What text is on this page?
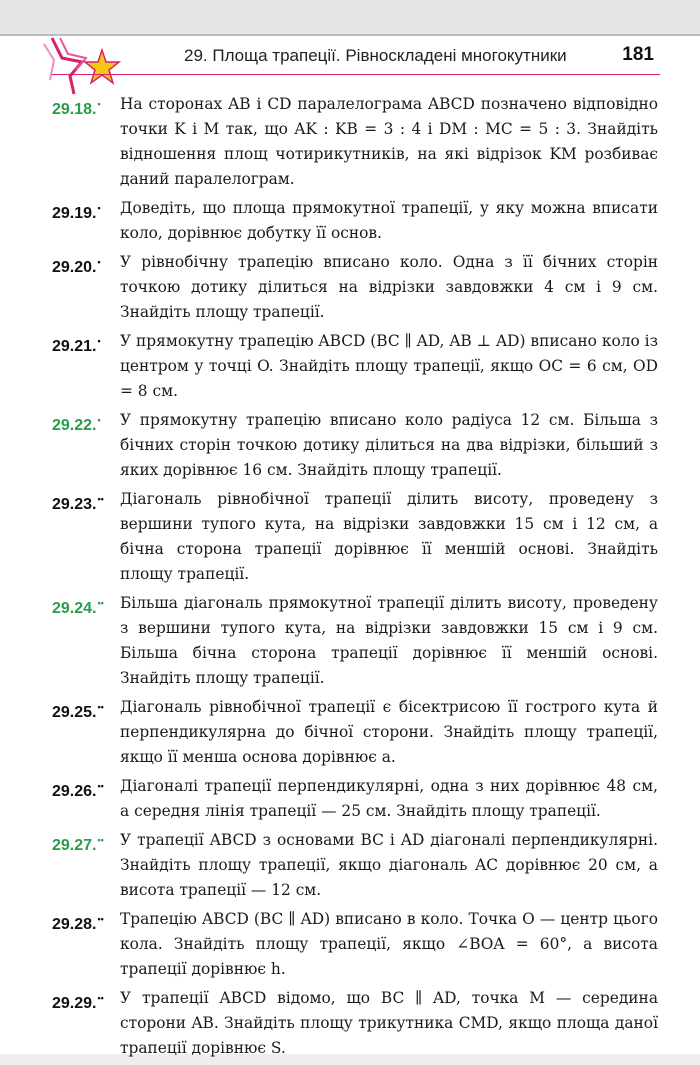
29. Площа трапеції. Рівноскладені многокутники	181
29.18.• На сторонах AB і CD паралелограма ABCD позначено відповідно точки K і M так, що AK : KB = 3 : 4 і DM : MC = 5 : 3. Знайдіть відношення площ чотирикутників, на які відрізок KM розбиває даний паралелограм.
29.19.• Доведіть, що площа прямокутної трапеції, у яку можна вписати коло, дорівнює добутку її основ.
29.20.• У рівнобічну трапецію вписано коло. Одна з її бічних сторін точкою дотику ділиться на відрізки завдовжки 4 см і 9 см. Знайдіть площу трапеції.
29.21.• У прямокутну трапецію ABCD (BC ∥ AD, AB ⊥ AD) вписано коло із центром у точці O. Знайдіть площу трапеції, якщо OC = 6 см, OD = 8 см.
29.22.• У прямокутну трапецію вписано коло радіуса 12 см. Більша з бічних сторін точкою дотику ділиться на два відрізки, більший з яких дорівнює 16 см. Знайдіть площу трапеції.
29.23.•• Діагональ рівнобічної трапеції ділить висоту, проведену з вершини тупого кута, на відрізки завдовжки 15 см і 12 см, а бічна сторона трапеції дорівнює її меншій основі. Знайдіть площу трапеції.
29.24.•• Більша діагональ прямокутної трапеції ділить висоту, проведену з вершини тупого кута, на відрізки завдовжки 15 см і 9 см. Більша бічна сторона трапеції дорівнює її меншій основі. Знайдіть площу трапеції.
29.25.•• Діагональ рівнобічної трапеції є бісектрисою її гострого кута й перпендикулярна до бічної сторони. Знайдіть площу трапеції, якщо її менша основа дорівнює a.
29.26.•• Діагоналі трапеції перпендикулярні, одна з них дорівнює 48 см, а середня лінія трапеції — 25 см. Знайдіть площу трапеції.
29.27.•• У трапеції ABCD з основами BC і AD діагоналі перпендикулярні. Знайдіть площу трапеції, якщо діагональ AC дорівнює 20 см, а висота трапеції — 12 см.
29.28.•• Трапецію ABCD (BC ∥ AD) вписано в коло. Точка O — центр цього кола. Знайдіть площу трапеції, якщо ∠BOA = 60°, а висота трапеції дорівнює h.
29.29.•• У трапеції ABCD відомо, що BC ∥ AD, точка M — середина сторони AB. Знайдіть площу трикутника CMD, якщо площа даної трапеції дорівнює S.
